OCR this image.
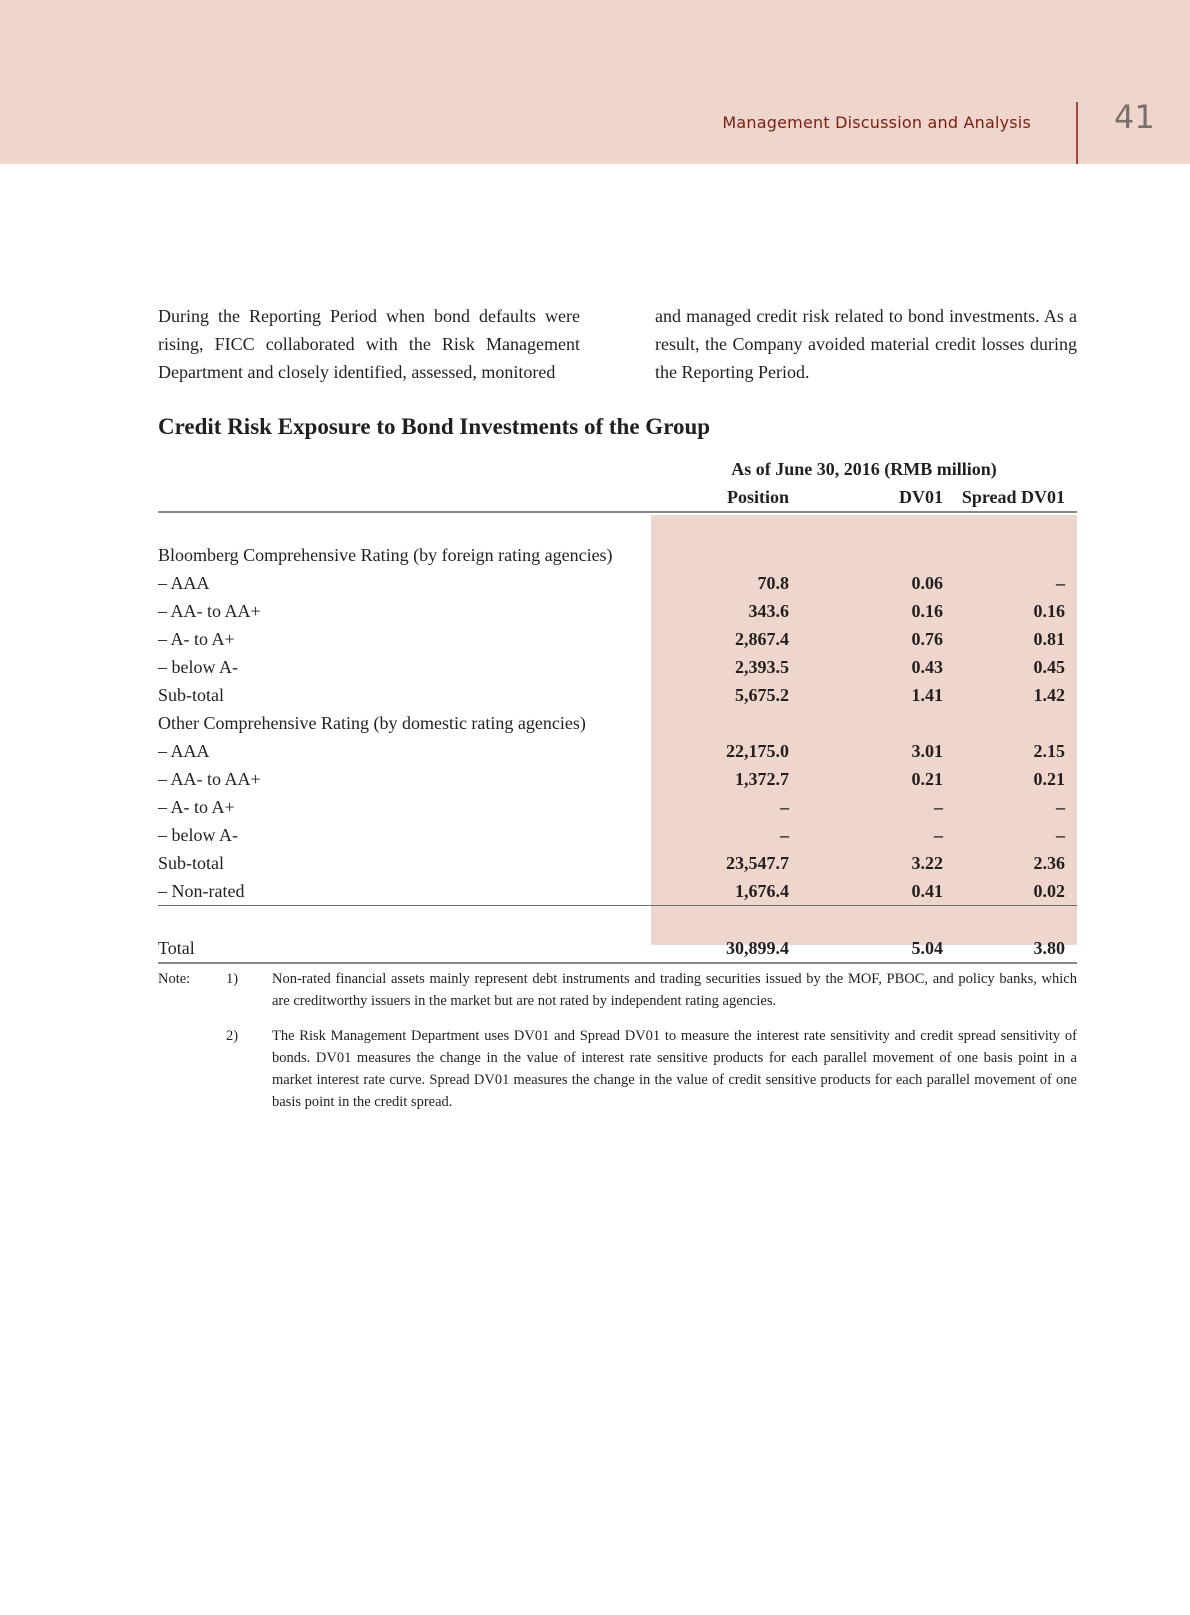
Management Discussion and Analysis	41

During the Reporting Period when bond defaults were rising, FICC collaborated with the Risk Management Department and closely identified, assessed, monitored

and managed credit risk related to bond investments. As a result, the Company avoided material credit losses during the Reporting Period.

Credit Risk Exposure to Bond Investments of the Group
	As of June 30, 2016 (RMB million)		
	Position	DV01	Spread DV01

Bloomberg Comprehensive Rating (by foreign rating agencies)			
– AAA	70.8	0.06	–
– AA- to AA+	343.6	0.16	0.16
– A- to A+	2,867.4	0.76	0.81
– below A-	2,393.5	0.43	0.45
Sub-total	5,675.2	1.41	1.42
Other Comprehensive Rating (by domestic rating agencies)			
– AAA	22,175.0	3.01	2.15
– AA- to AA+	1,372.7	0.21	0.21
– A- to A+	–	–	–
– below A-	–	–	–
Sub-total	23,547.7	3.22	2.36
– Non-rated	1,676.4	0.41	0.02

Total	30,899.4	5.04	3.80
Note: 1) Non-rated financial assets mainly represent debt instruments and trading securities issued by the MOF, PBOC, and policy banks, which are creditworthy issuers in the market but are not rated by independent rating agencies.
2) The Risk Management Department uses DV01 and Spread DV01 to measure the interest rate sensitivity and credit spread sensitivity of bonds. DV01 measures the change in the value of interest rate sensitive products for each parallel movement of one basis point in a market interest rate curve. Spread DV01 measures the change in the value of credit sensitive products for each parallel movement of one basis point in the credit spread.
